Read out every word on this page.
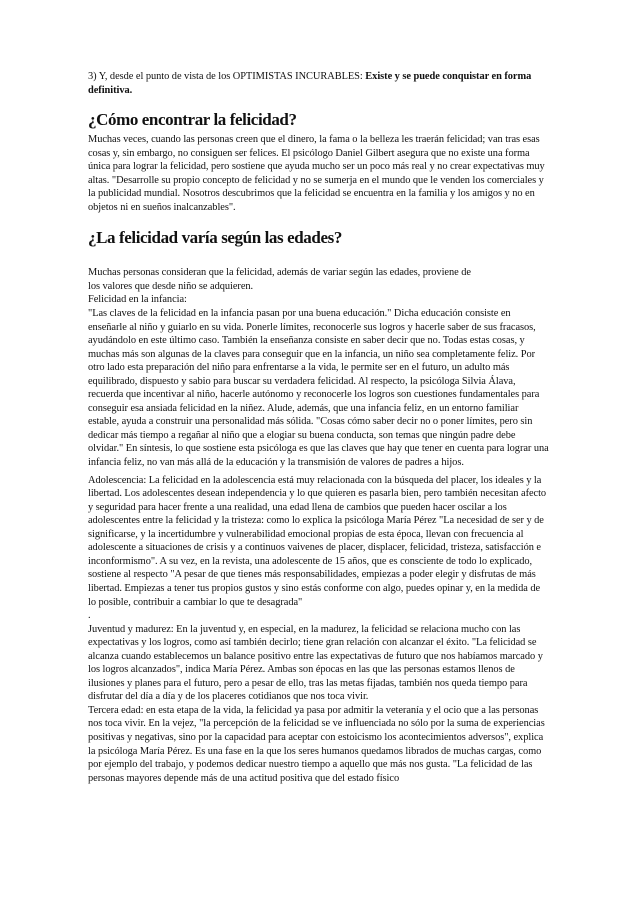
3) Y, desde el punto de vista de los OPTIMISTAS INCURABLES: Existe y se puede conquistar en forma definitiva.

¿Cómo encontrar la felicidad?

Muchas veces, cuando las personas creen que el dinero, la fama o la belleza les traerán felicidad; van tras esas cosas y, sin embargo, no consiguen ser felices. El psicólogo Daniel Gilbert asegura que no existe una forma única para lograr la felicidad, pero sostiene que ayuda mucho ser un poco más real y no crear expectativas muy altas. "Desarrolle su propio concepto de felicidad y no se sumerja en el mundo que le venden los comerciales y la publicidad mundial. Nosotros descubrimos que la felicidad se encuentra en la familia y los amigos y no en objetos ni en sueños inalcanzables".

¿La felicidad varía según las edades?

Muchas personas consideran que la felicidad, además de variar según las edades, proviene de

los valores que desde niño se adquieren.

Felicidad en la infancia:

"Las claves de la felicidad en la infancia pasan por una buena educación." Dicha educación consiste en enseñarle al niño y guiarlo en su vida. Ponerle límites, reconocerle sus logros y hacerle saber de sus fracasos, ayudándolo en este último caso. También la enseñanza consiste en saber decir que no. Todas estas cosas, y muchas más son algunas de la claves para conseguir que en la infancia, un niño sea completamente feliz. Por otro lado esta preparación del niño para enfrentarse a la vida, le permite ser en el futuro, un adulto más equilibrado, dispuesto y sabio para buscar su verdadera felicidad. Al respecto, la psicóloga Silvia Álava, recuerda que incentivar al niño, hacerle autónomo y reconocerle los logros son cuestiones fundamentales para conseguir esa ansiada felicidad en la niñez. Alude, además, que una infancia feliz, en un entorno familiar estable, ayuda a construir una personalidad más sólida. "Cosas cómo saber decir no o poner límites, pero sin dedicar más tiempo a regañar al niño que a elogiar su buena conducta, son temas que ningún padre debe olvidar." En síntesis, lo que sostiene esta psicóloga es que las claves que hay que tener en cuenta para lograr una infancia feliz, no van más allá de la educación y la transmisión de valores de padres a hijos.

Adolescencia: La felicidad en la adolescencia está muy relacionada con la búsqueda del placer, los ideales y la libertad. Los adolescentes desean independencia y lo que quieren es pasarla bien, pero también necesitan afecto y seguridad para hacer frente a una realidad, una edad llena de cambios que pueden hacer oscilar a los adolescentes entre la felicidad y la tristeza: como lo explica la psicóloga María Pérez "La necesidad de ser y de significarse, y la incertidumbre y vulnerabilidad emocional propias de esta época, llevan con frecuencia al adolescente a situaciones de crisis y a continuos vaivenes de placer, displacer, felicidad, tristeza, satisfacción e inconformismo". A su vez, en la revista, una adolescente de 15 años, que es consciente de todo lo explicado, sostiene al respecto "A pesar de que tienes más responsabilidades, empiezas a poder elegir y disfrutas de más libertad. Empiezas a tener tus propios gustos y sino estás conforme con algo, puedes opinar y, en la medida de lo posible, contribuir a cambiar lo que te desagrada"

.

Juventud y madurez: En la juventud y, en especial, en la madurez, la felicidad se relaciona mucho con las expectativas y los logros, como así también decirlo; tiene gran relación con alcanzar el éxito. "La felicidad se alcanza cuando establecemos un balance positivo entre las expectativas de futuro que nos habíamos marcado y los logros alcanzados", indica María Pérez. Ambas son épocas en las que las personas estamos llenos de ilusiones y planes para el futuro, pero a pesar de ello, tras las metas fijadas, también nos queda tiempo para disfrutar del día a día y de los placeres cotidianos que nos toca vivir.

Tercera edad: en esta etapa de la vida, la felicidad ya pasa por admitir la veteranía y el ocio que a las personas nos toca vivir. En la vejez, "la percepción de la felicidad se ve influenciada no sólo por la suma de experiencias positivas y negativas, sino por la capacidad para aceptar con estoicismo los acontecimientos adversos", explica la psicóloga María Pérez. Es una fase en la que los seres humanos quedamos librados de muchas cargas, como por ejemplo del trabajo, y podemos dedicar nuestro tiempo a aquello que más nos gusta. "La felicidad de las personas mayores depende más de una actitud positiva que del estado físico
